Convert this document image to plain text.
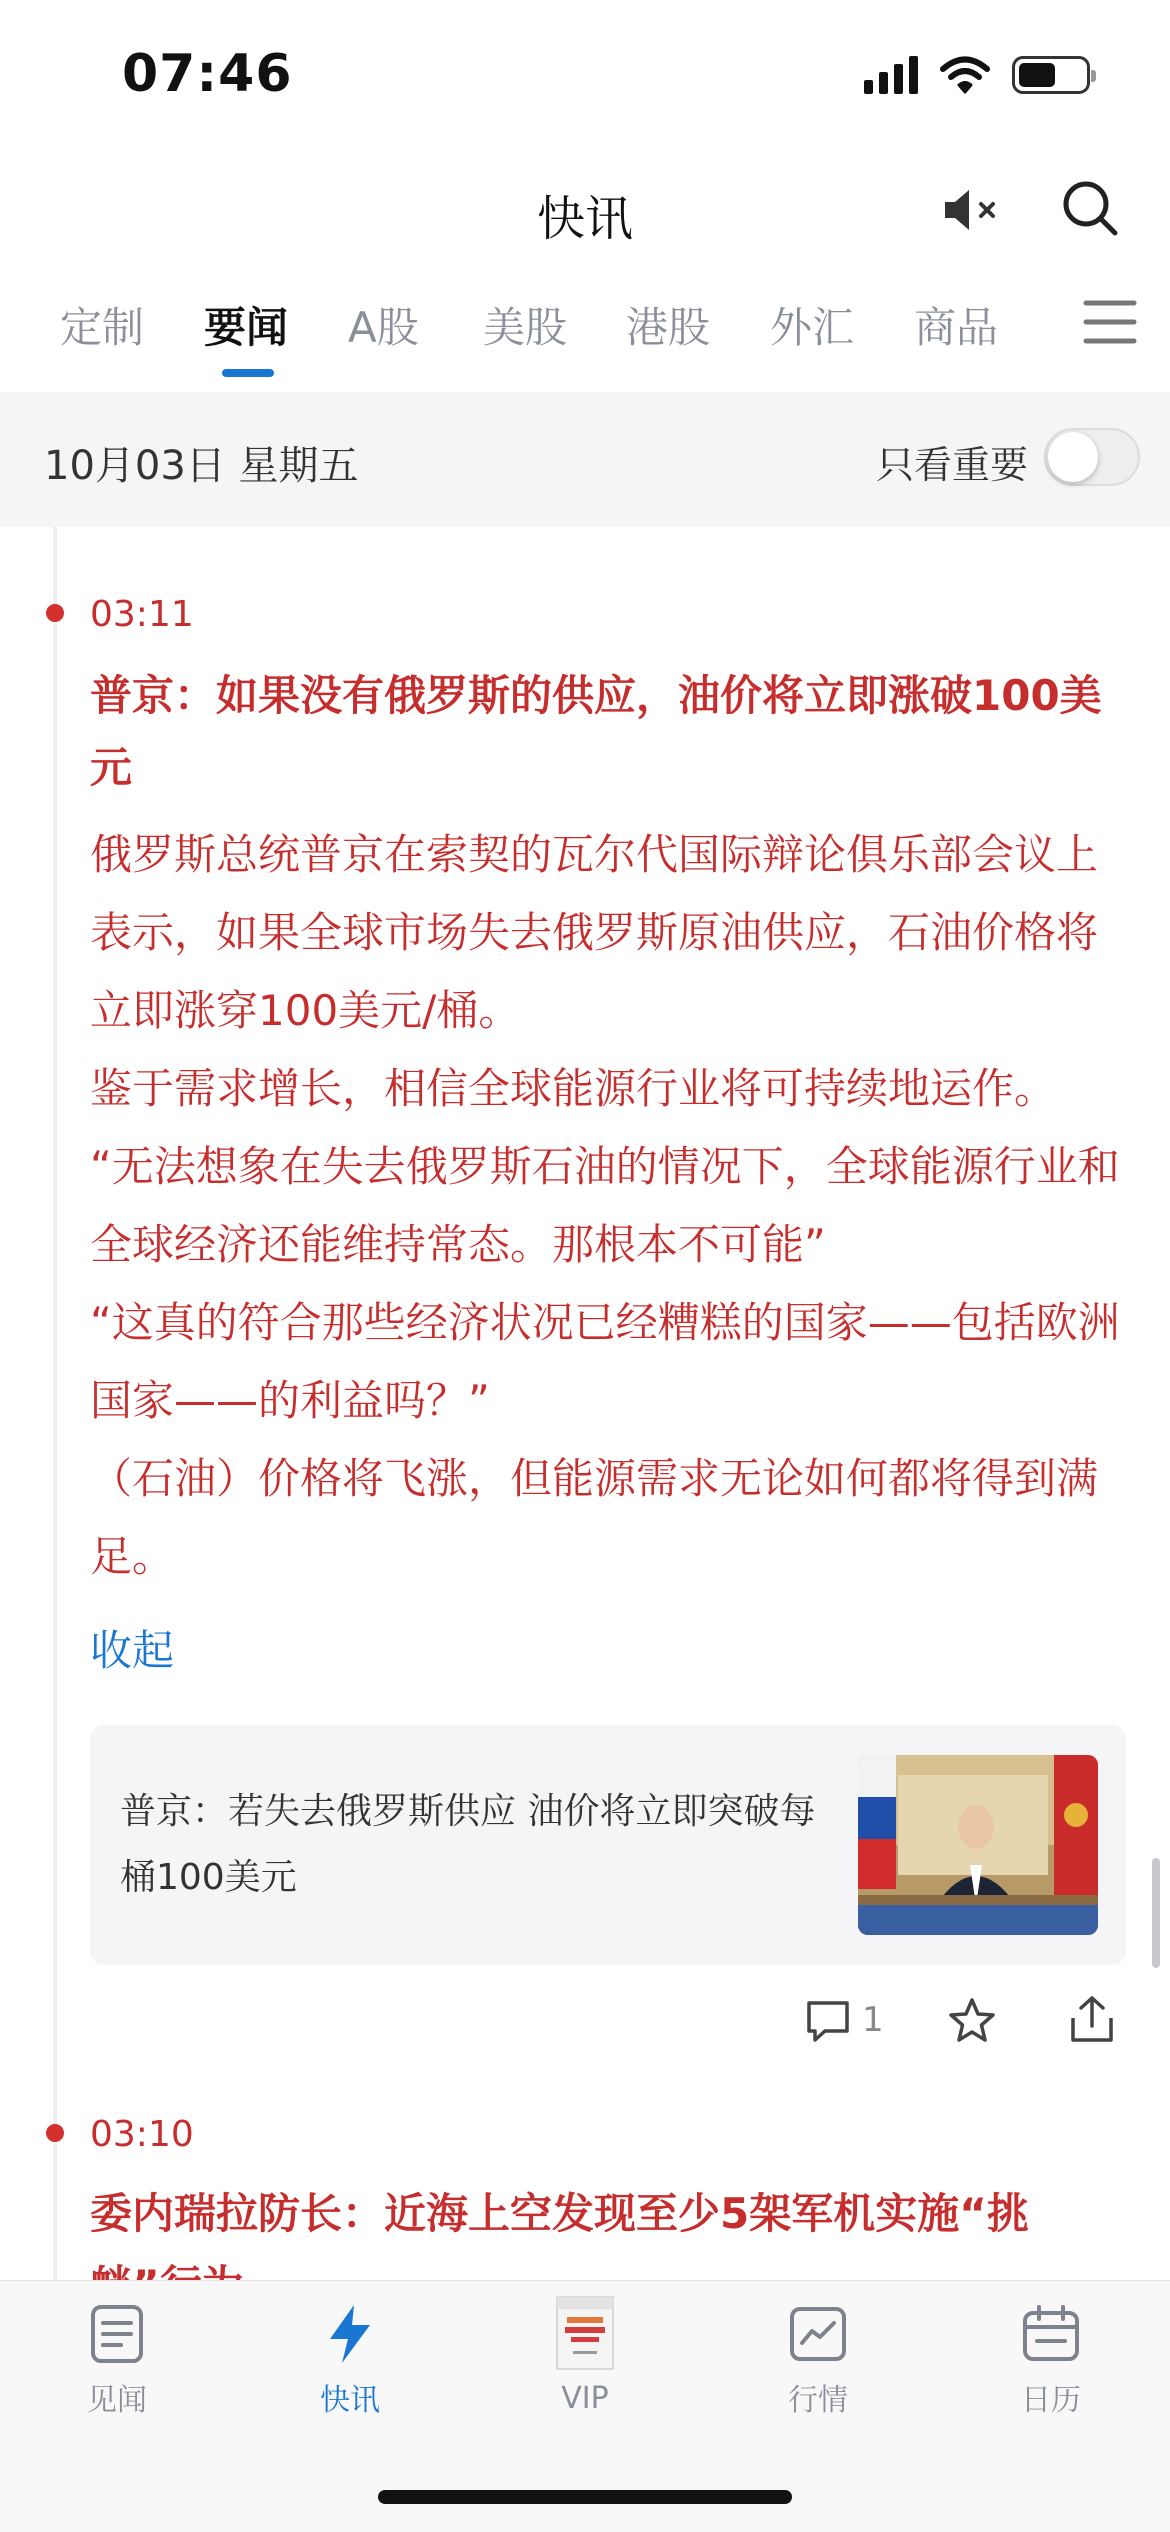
07:46
快讯
定制 要闻 A股 美股 港股 外汇 商品
10月03日 星期五	只看重要
03:11
普京：如果没有俄罗斯的供应，油价将立即涨破100美元

俄罗斯总统普京在索契的瓦尔代国际辩论俱乐部会议上表示，如果全球市场失去俄罗斯原油供应，石油价格将立即涨穿100美元/桶。

鉴于需求增长，相信全球能源行业将可持续地运作。

“无法想象在失去俄罗斯石油的情况下，全球能源行业和全球经济还能维持常态。那根本不可能”

“这真的符合那些经济状况已经糟糕的国家——包括欧洲国家——的利益吗？”

（石油）价格将飞涨，但能源需求无论如何都将得到满足。

收起
普京：若失去俄罗斯供应 油价将立即突破每桶100美元
1
03:10
委内瑞拉防长：近海上空发现至少5架军机实施“挑
见闻	快讯	VIP	行情	日历
